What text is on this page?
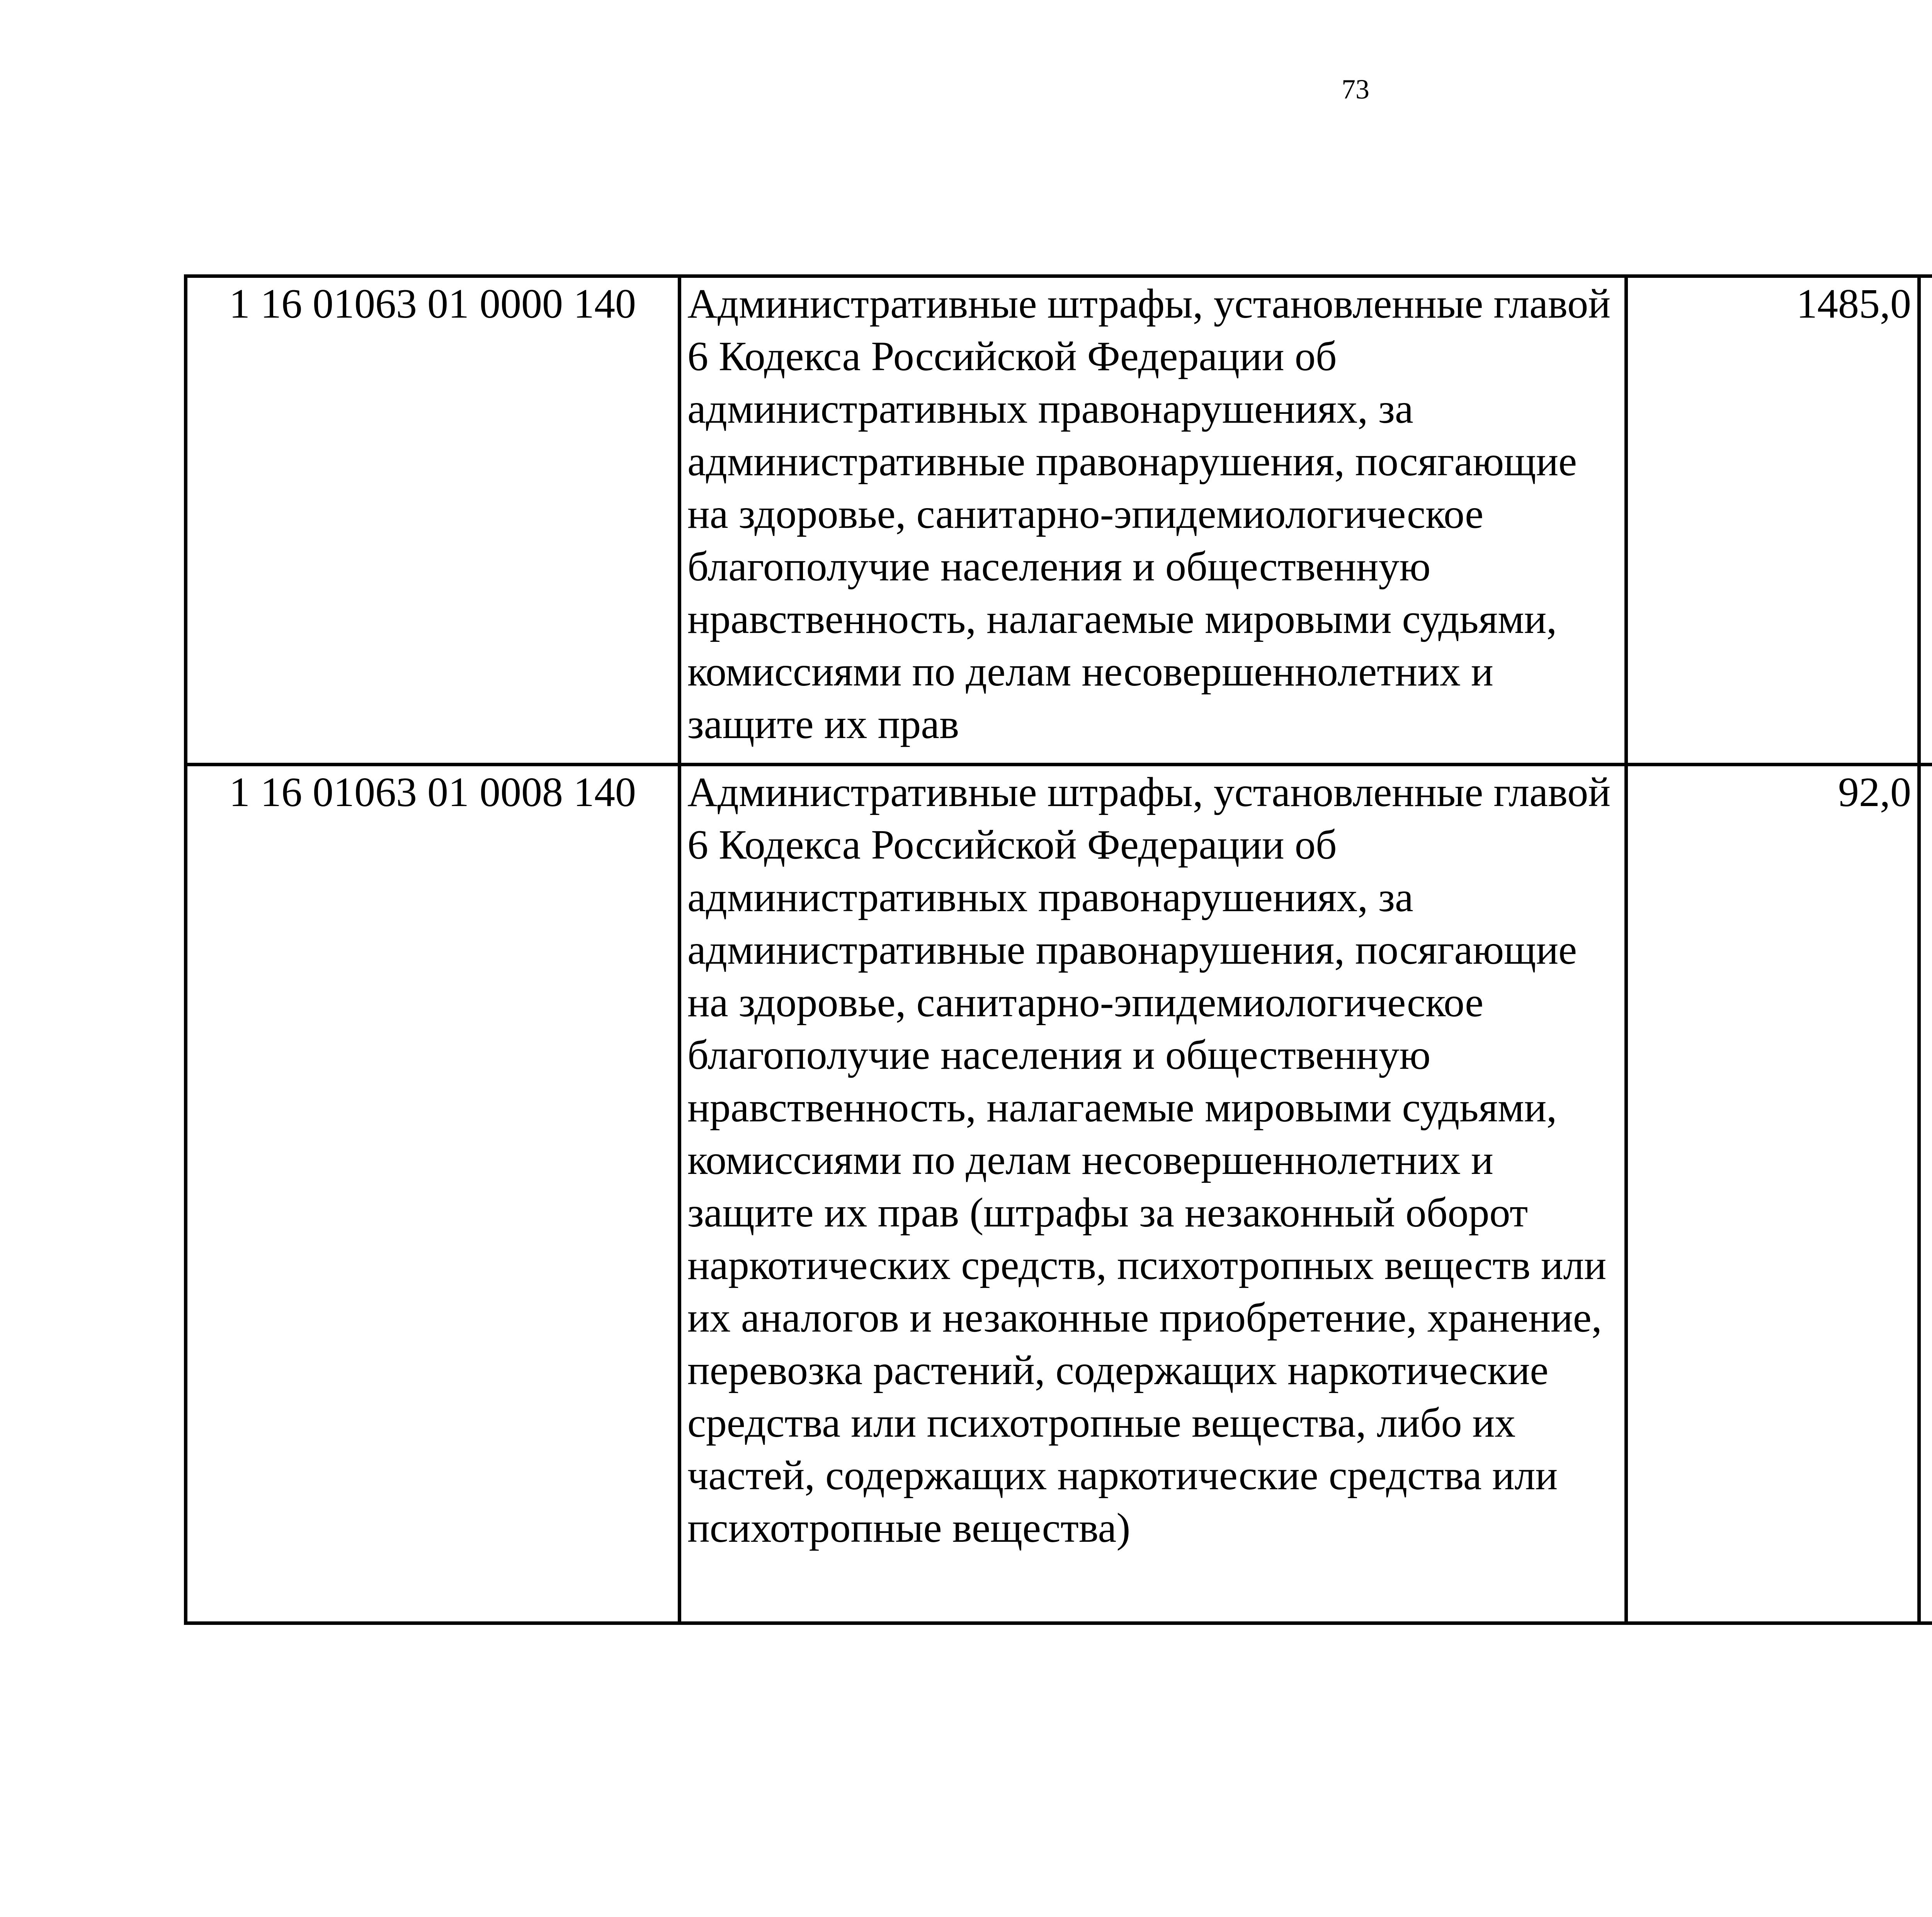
73
1 16 01063 01 0000 140	Административные штрафы, установленные главой 6 Кодекса Российской Федерации об административных правонарушениях, за административные правонарушения, посягающие на здоровье, санитарно-эпидемиологическое благополучие населения и общественную нравственность, налагаемые мировыми судьями, комиссиями по делам несовершеннолетних и защите их прав	1485,0		
1 16 01063 01 0008 140	Административные штрафы, установленные главой 6 Кодекса Российской Федерации об административных правонарушениях, за административные правонарушения, посягающие на здоровье, санитарно-эпидемиологическое благополучие населения и общественную нравственность, налагаемые мировыми судьями, комиссиями по делам несовершеннолетних и защите их прав (штрафы за незаконный оборот наркотических средств, психотропных веществ или их аналогов и незаконные приобретение, хранение, перевозка растений, содержащих наркотические средства или психотропные вещества, либо их частей, содержащих наркотические средства или психотропные вещества)	92,0		
